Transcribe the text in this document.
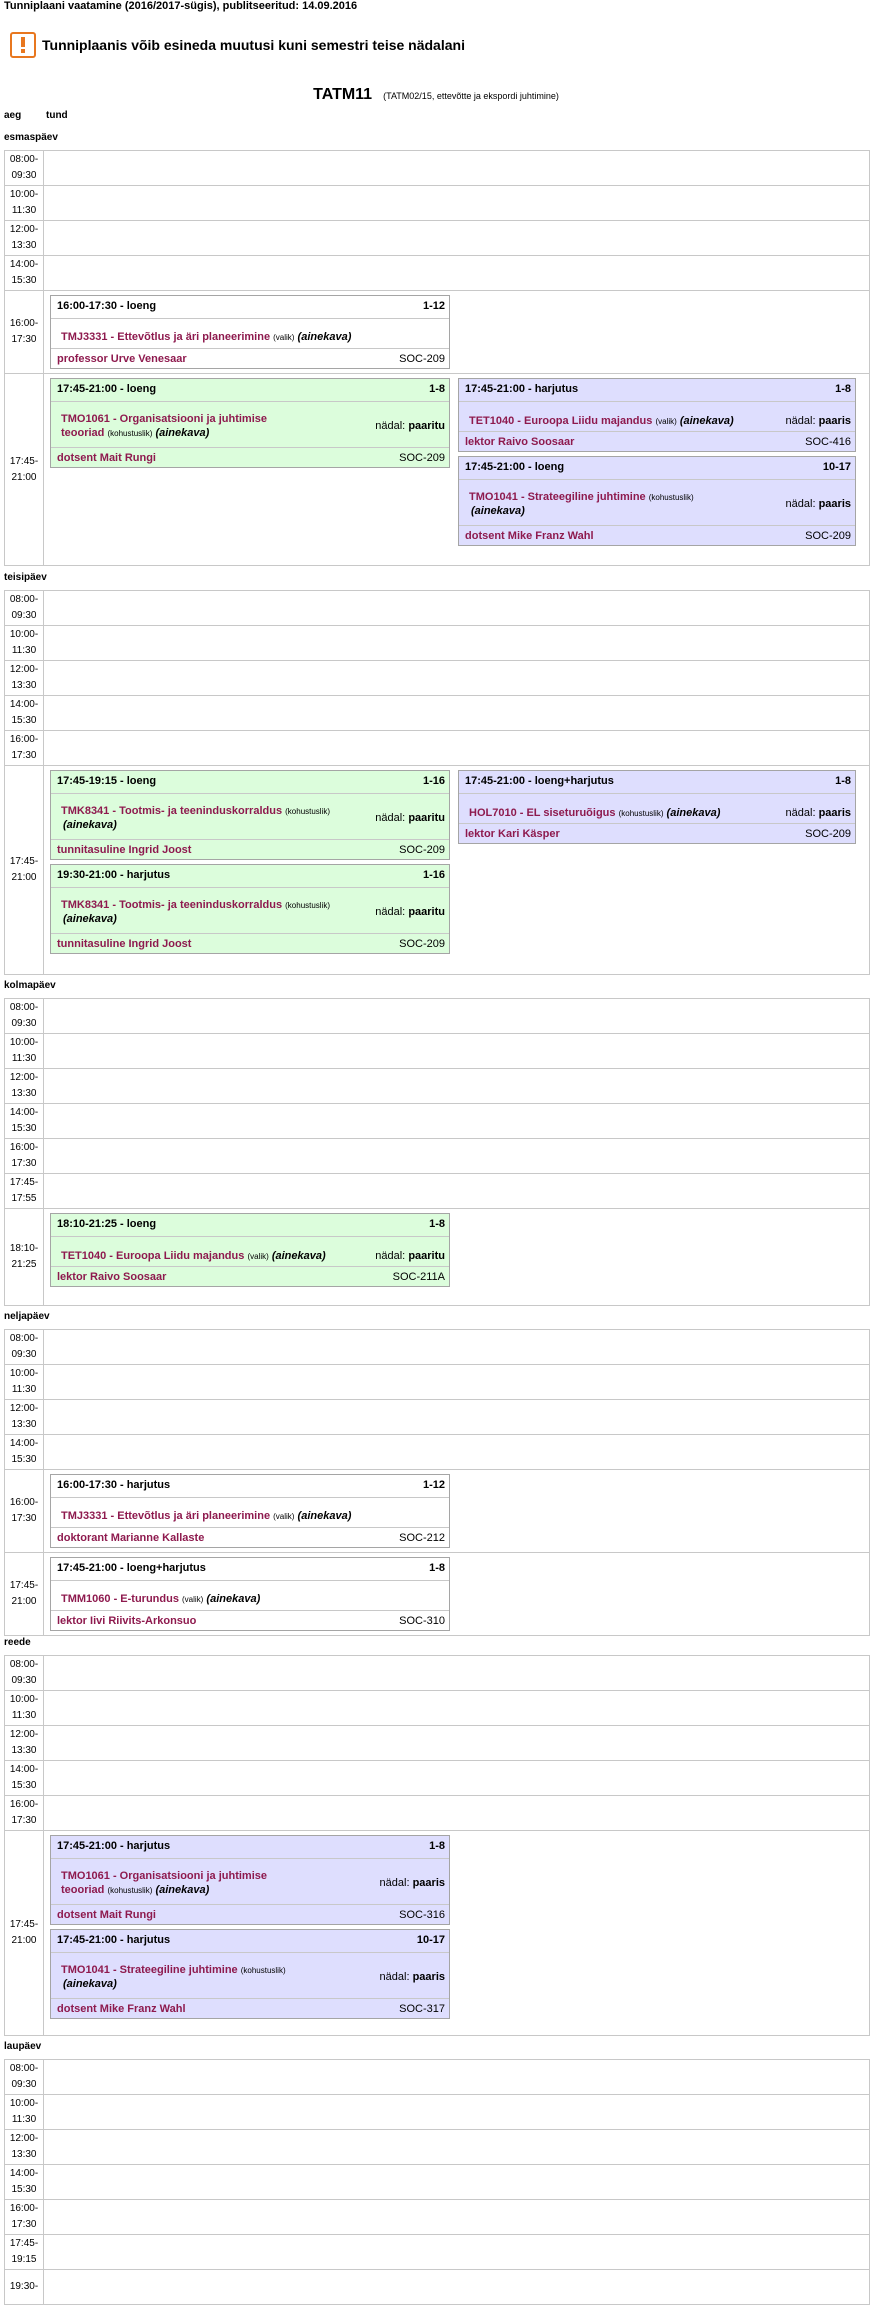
Tunniplaani vaatamine (2016/2017-sügis), publitseeritud: 14.09.2016
Tunniplaanis võib esineda muutusi kuni semestri teise nädalani
TATM11 (TATM02/15, ettevõtte ja ekspordi juhtimine)
aeg tund
esmaspäev
08:00-
09:30
10:00-
11:30
12:00-
13:30
14:00-
15:30
16:00-
17:30
16:00-17:30 - loeng	1-12
TMJ3331 - Ettevõtlus ja äri planeerimine (valik) (ainekava)
professor Urve Venesaar	SOC-209
17:45-
21:00
17:45-21:00 - loeng	1-8
TMO1061 - Organisatsiooni ja juhtimise
teooriad (kohustuslik) (ainekava)
nädal: paaritu
dotsent Mait Rungi	SOC-209
17:45-21:00 - harjutus	1-8
TET1040 - Euroopa Liidu majandus (valik) (ainekava)	nädal: paaris
lektor Raivo Soosaar	SOC-416
17:45-21:00 - loeng	10-17
TMO1041 - Strateegiline juhtimine (kohustuslik)
(ainekava)
nädal: paaris
dotsent Mike Franz Wahl	SOC-209
teisipäev
08:00-
09:30
10:00-
11:30
12:00-
13:30
14:00-
15:30
16:00-
17:30
17:45-
21:00
17:45-19:15 - loeng	1-16
TMK8341 - Tootmis- ja teeninduskorraldus (kohustuslik)
(ainekava)
nädal: paaritu
tunnitasuline Ingrid Joost	SOC-209
19:30-21:00 - harjutus	1-16
TMK8341 - Tootmis- ja teeninduskorraldus (kohustuslik)
(ainekava)
nädal: paaritu
tunnitasuline Ingrid Joost	SOC-209
17:45-21:00 - loeng+harjutus	1-8
HOL7010 - EL siseturuõigus (kohustuslik) (ainekava)	nädal: paaris
lektor Kari Käsper	SOC-209
kolmapäev
08:00-
09:30
10:00-
11:30
12:00-
13:30
14:00-
15:30
16:00-
17:30
17:45-
17:55
18:10-
21:25
18:10-21:25 - loeng	1-8
TET1040 - Euroopa Liidu majandus (valik) (ainekava)	nädal: paaritu
lektor Raivo Soosaar	SOC-211A
neljapäev
08:00-
09:30
10:00-
11:30
12:00-
13:30
14:00-
15:30
16:00-
17:30
16:00-17:30 - harjutus	1-12
TMJ3331 - Ettevõtlus ja äri planeerimine (valik) (ainekava)
doktorant Marianne Kallaste	SOC-212
17:45-
21:00
17:45-21:00 - loeng+harjutus	1-8
TMM1060 - E-turundus (valik) (ainekava)
lektor Iivi Riivits-Arkonsuo	SOC-310
reede
08:00-
09:30
10:00-
11:30
12:00-
13:30
14:00-
15:30
16:00-
17:30
17:45-
21:00
17:45-21:00 - harjutus	1-8
TMO1061 - Organisatsiooni ja juhtimise
teooriad (kohustuslik) (ainekava)
nädal: paaris
dotsent Mait Rungi	SOC-316
17:45-21:00 - harjutus	10-17
TMO1041 - Strateegiline juhtimine (kohustuslik)
(ainekava)
nädal: paaris
dotsent Mike Franz Wahl	SOC-317
laupäev
08:00-
09:30
10:00-
11:30
12:00-
13:30
14:00-
15:30
16:00-
17:30
17:45-
19:15
19:30-
